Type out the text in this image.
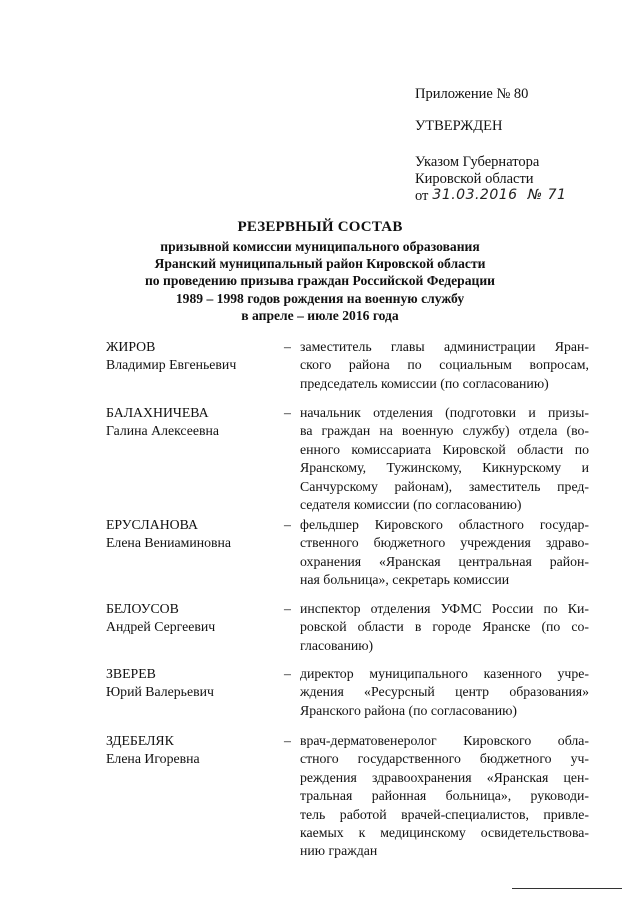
Приложение № 80
УТВЕРЖДЕН
Указом Губернатора
Кировской области
от 31.03.2016 № 71
РЕЗЕРВНЫЙ СОСТАВ
призывной комиссии муниципального образования
Яранский муниципальный район Кировской области
по проведению призыва граждан Российской Федерации
1989 – 1998 годов рождения на военную службу
в апреле – июле 2016 года
ЖИРОВ
Владимир Евгеньевич
– заместитель главы администрации Яран-
ского района по социальным вопросам,
председатель комиссии (по согласованию)
БАЛАХНИЧЕВА
Галина Алексеевна
– начальник отделения (подготовки и призы-
ва граждан на военную службу) отдела (во-
енного комиссариата Кировской области по
Яранскому, Тужинскому, Кикнурскому и
Санчурскому районам), заместитель пред-
седателя комиссии (по согласованию)
ЕРУСЛАНОВА
Елена Вениаминовна
– фельдшер Кировского областного государ-
ственного бюджетного учреждения здраво-
охранения «Яранская центральная район-
ная больница», секретарь комиссии
БЕЛОУСОВ
Андрей Сергеевич
– инспектор отделения УФМС России по Ки-
ровской области в городе Яранске (по со-
гласованию)
ЗВЕРЕВ
Юрий Валерьевич
– директор муниципального казенного учре-
ждения «Ресурсный центр образования»
Яранского района (по согласованию)
ЗДЕБЕЛЯК
Елена Игоревна
– врач-дерматовенеролог Кировского обла-
стного государственного бюджетного уч-
реждения здравоохранения «Яранская цен-
тральная районная больница», руководи-
тель работой врачей-специалистов, привле-
каемых к медицинскому освидетельствова-
нию граждан
